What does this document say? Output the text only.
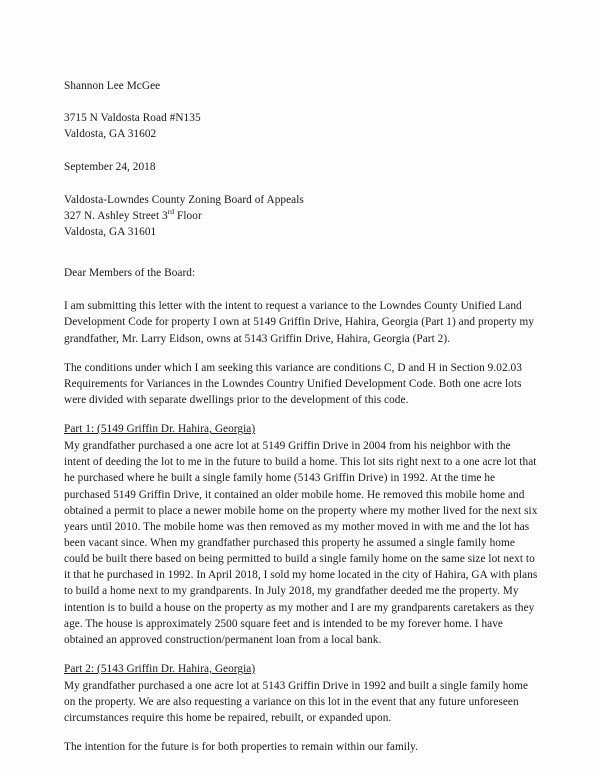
Shannon Lee McGee

3715 N Valdosta Road #N135
Valdosta, GA 31602

September 24, 2018

Valdosta-Lowndes County Zoning Board of Appeals
327 N. Ashley Street 3rd Floor
Valdosta, GA 31601

Dear Members of the Board:

I am submitting this letter with the intent to request a variance to the Lowndes County Unified Land Development Code for property I own at 5149 Griffin Drive, Hahira, Georgia (Part 1) and property my grandfather, Mr. Larry Eidson, owns at 5143 Griffin Drive, Hahira, Georgia (Part 2).

The conditions under which I am seeking this variance are conditions C, D and H in Section 9.02.03 Requirements for Variances in the Lowndes Country Unified Development Code. Both one acre lots were divided with separate dwellings prior to the development of this code.

Part 1: (5149 Griffin Dr. Hahira, Georgia)

My grandfather purchased a one acre lot at 5149 Griffin Drive in 2004 from his neighbor with the intent of deeding the lot to me in the future to build a home. This lot sits right next to a one acre lot that he purchased where he built a single family home (5143 Griffin Drive) in 1992. At the time he purchased 5149 Griffin Drive, it contained an older mobile home. He removed this mobile home and obtained a permit to place a newer mobile home on the property where my mother lived for the next six years until 2010. The mobile home was then removed as my mother moved in with me and the lot has been vacant since. When my grandfather purchased this property he assumed a single family home could be built there based on being permitted to build a single family home on the same size lot next to it that he purchased in 1992. In April 2018, I sold my home located in the city of Hahira, GA with plans to build a home next to my grandparents. In July 2018, my grandfather deeded me the property. My intention is to build a house on the property as my mother and I are my grandparents caretakers as they age. The house is approximately 2500 square feet and is intended to be my forever home. I have obtained an approved construction/permanent loan from a local bank.

Part 2: (5143 Griffin Dr. Hahira, Georgia)

My grandfather purchased a one acre lot at 5143 Griffin Drive in 1992 and built a single family home on the property. We are also requesting a variance on this lot in the event that any future unforeseen circumstances require this home be repaired, rebuilt, or expanded upon.

The intention for the future is for both properties to remain within our family.
